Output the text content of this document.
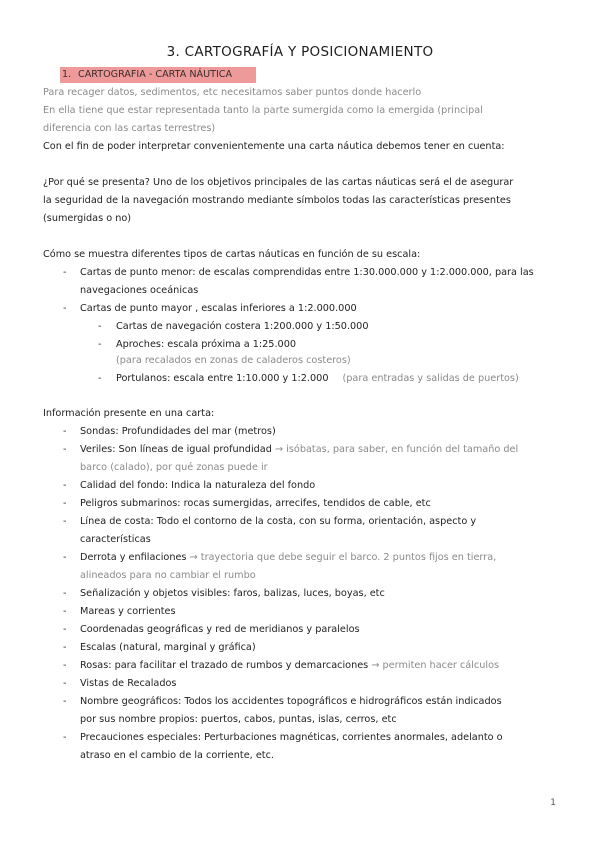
3. CARTOGRAFÍA Y POSICIONAMIENTO
1. CARTOGRAFIA - CARTA NÁUTICA
Para recager datos, sedimentos, etc necesitamos saber puntos donde hacerlo
En ella tiene que estar representada tanto la parte sumergida como la emergida (principal
diferencia con las cartas terrestres)
Con el fin de poder interpretar convenientemente una carta náutica debemos tener en cuenta:
¿Por qué se presenta? Uno de los objetivos principales de las cartas náuticas será el de asegurar
la seguridad de la navegación mostrando mediante símbolos todas las características presentes
(sumergidas o no)
Cómo se muestra diferentes tipos de cartas náuticas en función de su escala:
- Cartas de punto menor: de escalas comprendidas entre 1:30.000.000 y 1:2.000.000, para las
navegaciones oceánicas
- Cartas de punto mayor , escalas inferiores a 1:2.000.000
- Cartas de navegación costera 1:200.000 y 1:50.000
- Aproches: escala próxima a 1:25.000
(para recalados en zonas de caladeros costeros)
- Portulanos: escala entre 1:10.000 y 1:2.000 (para entradas y salidas de puertos)
Información presente en una carta:
- Sondas: Profundidades del mar (metros)
- Veriles: Son líneas de igual profundidad → isóbatas, para saber, en función del tamaño del
barco (calado), por qué zonas puede ir
- Calidad del fondo: Indica la naturaleza del fondo
- Peligros submarinos: rocas sumergidas, arrecifes, tendidos de cable, etc
- Línea de costa: Todo el contorno de la costa, con su forma, orientación, aspecto y
características
- Derrota y enfilaciones → trayectoria que debe seguir el barco. 2 puntos fijos en tierra,
alineados para no cambiar el rumbo
- Señalización y objetos visibles: faros, balizas, luces, boyas, etc
- Mareas y corrientes
- Coordenadas geográficas y red de meridianos y paralelos
- Escalas (natural, marginal y gráfica)
- Rosas: para facilitar el trazado de rumbos y demarcaciones → permiten hacer cálculos
- Vistas de Recalados
- Nombre geográficos: Todos los accidentes topográficos e hidrográficos están indicados
por sus nombre propios: puertos, cabos, puntas, islas, cerros, etc
- Precauciones especiales: Perturbaciones magnéticas, corrientes anormales, adelanto o
atraso en el cambio de la corriente, etc.
1
